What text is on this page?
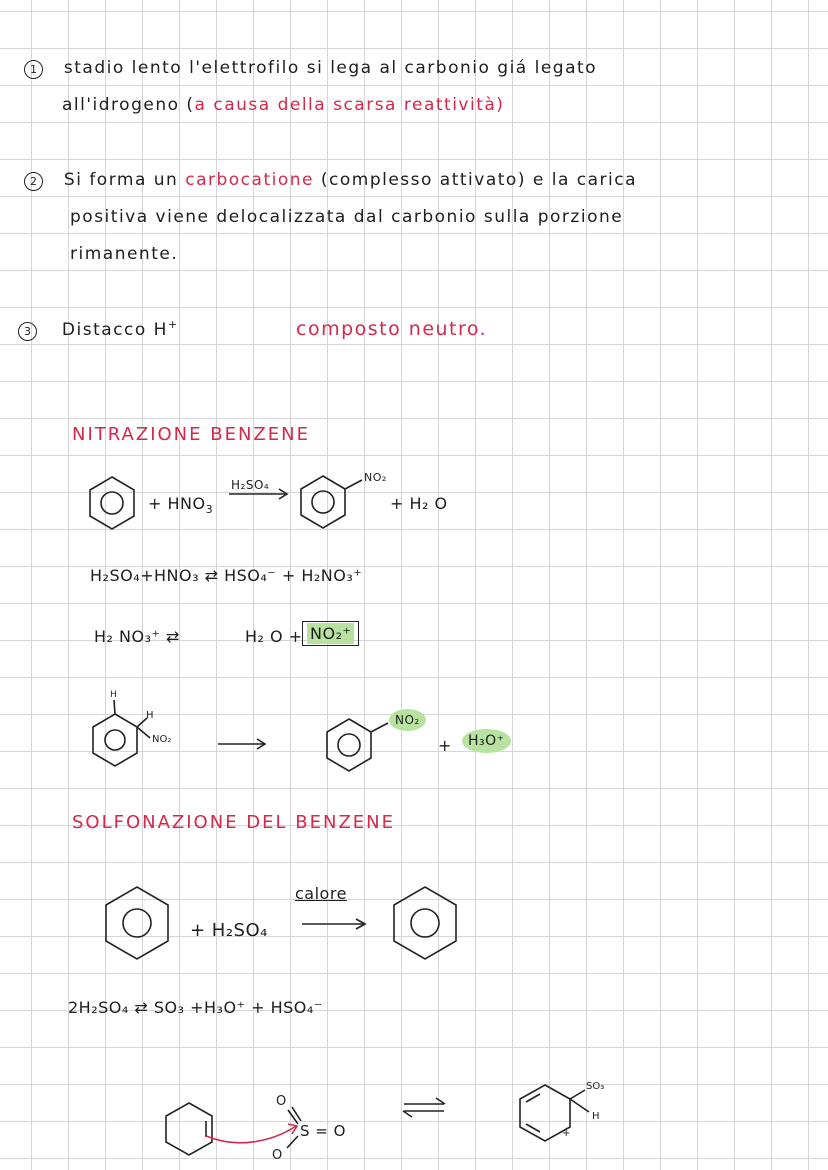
1 stadio lento l'elettrofilo si lega al carbonio giá legato
all'idrogeno (a causa della scarsa reattività)
2 Si forma un carbocatione (complesso attivato) e la carica
positiva viene delocalizzata dal carbonio sulla porzione
rimanente.
3 Distacco H+	composto neutro.
NITRAZIONE BENZENE
+ $HNO_3$
H₂SO₄
NO₂
+ H₂ O
H₂SO₄+HNO₃ ⇄ HSO₄⁻ + H₂NO₃⁺
H₂ NO₃⁺ ⇄	H₂ O + NO₂⁺
H
H
NO₂
NO₂
+	H₃O⁺
SOLFONAZIONE DEL BENZENE
+ H₂SO₄
calore
2H₂SO₄ ⇄ SO₃ +H₃O⁺ + HSO₄⁻
O
S = O
O
SO₃
H
+
